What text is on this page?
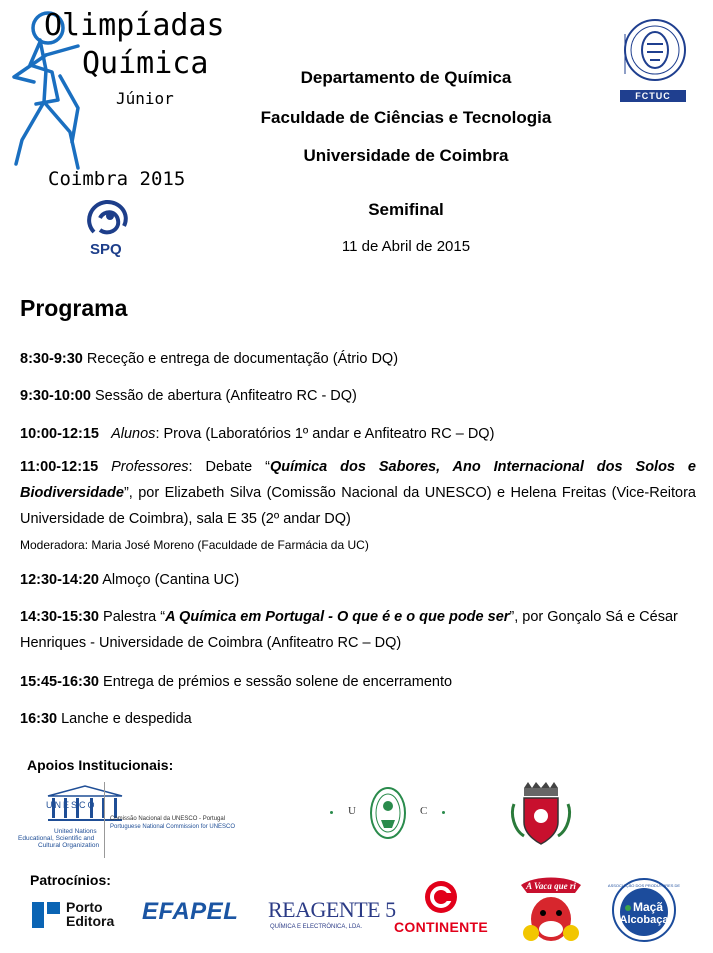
Olimpíadas
Química
Júnior
Coimbra 2015
SPQ
FCTUC
Departamento de Química
Faculdade de Ciências e Tecnologia
Universidade de Coimbra
Semifinal
11 de Abril de 2015
Programa
8:30-9:30 Receção e entrega de documentação (Átrio DQ)
9:30-10:00 Sessão de abertura (Anfiteatro RC - DQ)
10:00-12:15 Alunos: Prova (Laboratórios 1º andar e Anfiteatro RC – DQ)
11:00-12:15 Professores: Debate “Química dos Sabores, Ano Internacional dos Solos e Biodiversidade”, por Elizabeth Silva (Comissão Nacional da UNESCO) e Helena Freitas (Vice-Reitora Universidade de Coimbra), sala E 35 (2º andar DQ)
Moderadora: Maria José Moreno (Faculdade de Farmácia da UC)
12:30-14:20 Almoço (Cantina UC)
14:30-15:30 Palestra “A Química em Portugal - O que é e o que pode ser”, por Gonçalo Sá e César Henriques - Universidade de Coimbra (Anfiteatro RC – DQ)
15:45-16:30 Entrega de prémios e sessão solene de encerramento
16:30 Lanche e despedida
Apoios Institucionais:
UNESCO
United Nations
Educational, Scientific and
Cultural Organization
Comissão Nacional da UNESCO - Portugal
Portuguese National Commission for UNESCO
U	C
Patrocínios:
Porto
Editora EFAPEL REAGENTE 5
QUÍMICA E ELECTRÓNICA, LDA. CONTINENTE
A Vaca que ri	ASSOCIAÇÃO DOS PRODUTORES DE
Maçã
Alcobaça
